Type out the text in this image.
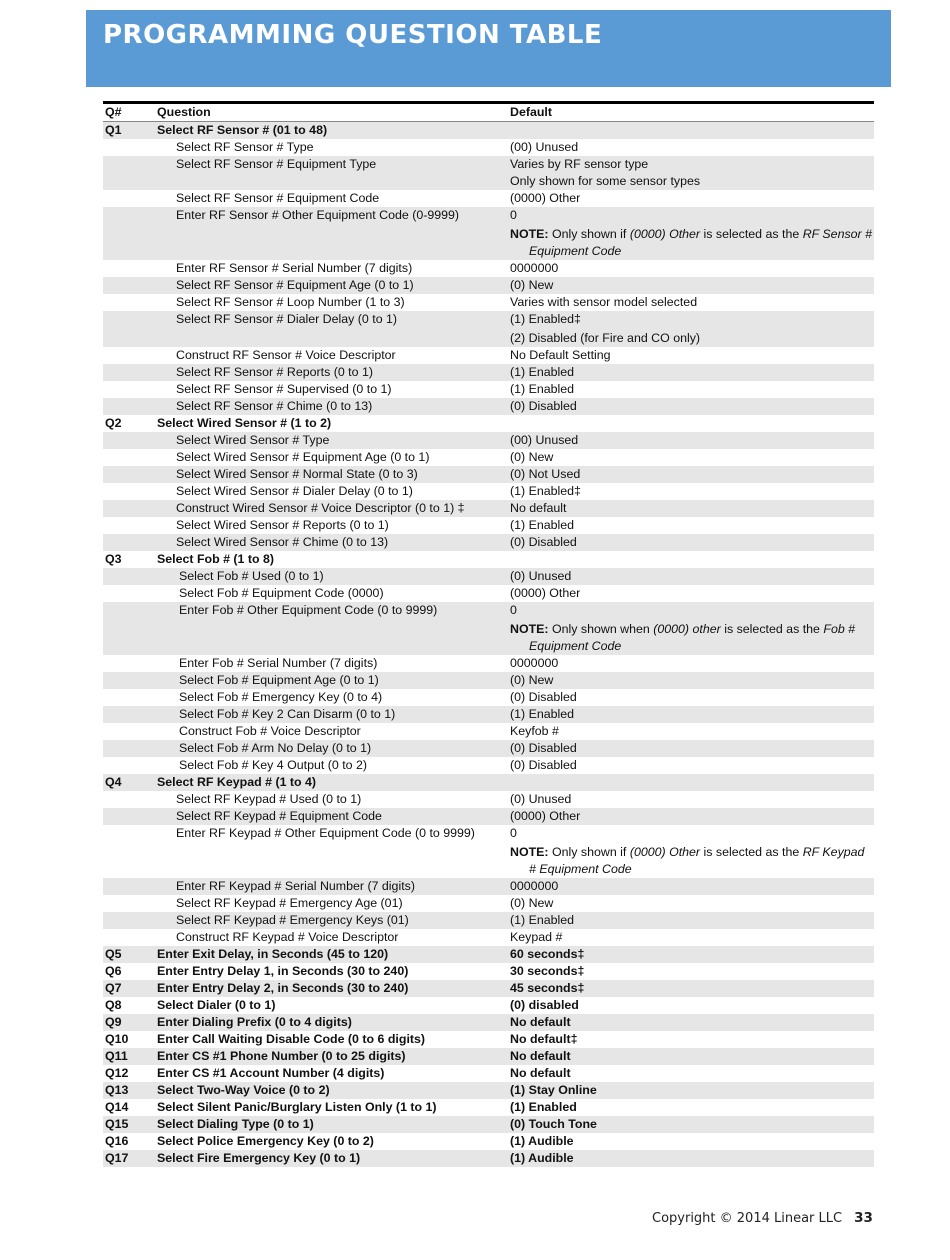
PROGRAMMING QUESTION TABLE
Q#	Question	Default
Q1	Select RF Sensor # (01 to 48)
Select RF Sensor # Type	(00) Unused
Select RF Sensor # Equipment Type	Varies by RF sensor type
Only shown for some sensor types
Select RF Sensor # Equipment Code	(0000) Other
Enter RF Sensor # Other Equipment Code (0-9999)	0
NOTE: Only shown if (0000) Other is selected as the RF Sensor # Equipment Code
Enter RF Sensor # Serial Number (7 digits)	0000000
Select RF Sensor # Equipment Age (0 to 1)	(0) New
Select RF Sensor # Loop Number (1 to 3)	Varies with sensor model selected
Select RF Sensor # Dialer Delay (0 to 1)	(1) Enabled‡
(2) Disabled (for Fire and CO only)
Construct RF Sensor # Voice Descriptor	No Default Setting
Select RF Sensor # Reports (0 to 1)	(1) Enabled
Select RF Sensor # Supervised (0 to 1)	(1) Enabled
Select RF Sensor # Chime (0 to 13)	(0) Disabled
Q2	Select Wired Sensor # (1 to 2)
Select Wired Sensor # Type	(00) Unused
Select Wired Sensor # Equipment Age (0 to 1)	(0) New
Select Wired Sensor # Normal State (0 to 3)	(0) Not Used
Select Wired Sensor # Dialer Delay (0 to 1)	(1) Enabled‡
Construct Wired Sensor # Voice Descriptor (0 to 1) ‡	No default
Select Wired Sensor # Reports (0 to 1)	(1) Enabled
Select Wired Sensor # Chime (0 to 13)	(0) Disabled
Q3	Select Fob # (1 to 8)
Select Fob # Used (0 to 1)	(0) Unused
Select Fob # Equipment Code (0000)	(0000) Other
Enter Fob # Other Equipment Code (0 to 9999)	0
NOTE: Only shown when (0000) other is selected as the Fob # Equipment Code
Enter Fob # Serial Number (7 digits)	0000000
Select Fob # Equipment Age (0 to 1)	(0) New
Select Fob # Emergency Key (0 to 4)	(0) Disabled
Select Fob # Key 2 Can Disarm (0 to 1)	(1) Enabled
Construct Fob # Voice Descriptor	Keyfob #
Select Fob # Arm No Delay (0 to 1)	(0) Disabled
Select Fob # Key 4 Output (0 to 2)	(0) Disabled
Q4	Select RF Keypad # (1 to 4)
Select RF Keypad # Used (0 to 1)	(0) Unused
Select RF Keypad # Equipment Code	(0000) Other
Enter RF Keypad # Other Equipment Code (0 to 9999)	0
NOTE: Only shown if (0000) Other is selected as the RF Keypad # Equipment Code
Enter RF Keypad # Serial Number (7 digits)	0000000
Select RF Keypad # Emergency Age (01)	(0) New
Select RF Keypad # Emergency Keys (01)	(1) Enabled
Construct RF Keypad # Voice Descriptor	Keypad #
Q5	Enter Exit Delay, in Seconds (45 to 120)	60 seconds‡
Q6	Enter Entry Delay 1, in Seconds (30 to 240)	30 seconds‡
Q7	Enter Entry Delay 2, in Seconds (30 to 240)	45 seconds‡
Q8	Select Dialer (0 to 1)	(0) disabled
Q9	Enter Dialing Prefix (0 to 4 digits)	No default
Q10	Enter Call Waiting Disable Code (0 to 6 digits)	No default‡
Q11	Enter CS #1 Phone Number (0 to 25 digits)	No default
Q12	Enter CS #1 Account Number (4 digits)	No default
Q13	Select Two-Way Voice (0 to 2)	(1) Stay Online
Q14	Select Silent Panic/Burglary Listen Only (1 to 1)	(1) Enabled
Q15	Select Dialing Type (0 to 1)	(0) Touch Tone
Q16	Select Police Emergency Key (0 to 2)	(1) Audible
Q17	Select Fire Emergency Key (0 to 1)	(1) Audible
Copyright © 2014 Linear LLC 33
